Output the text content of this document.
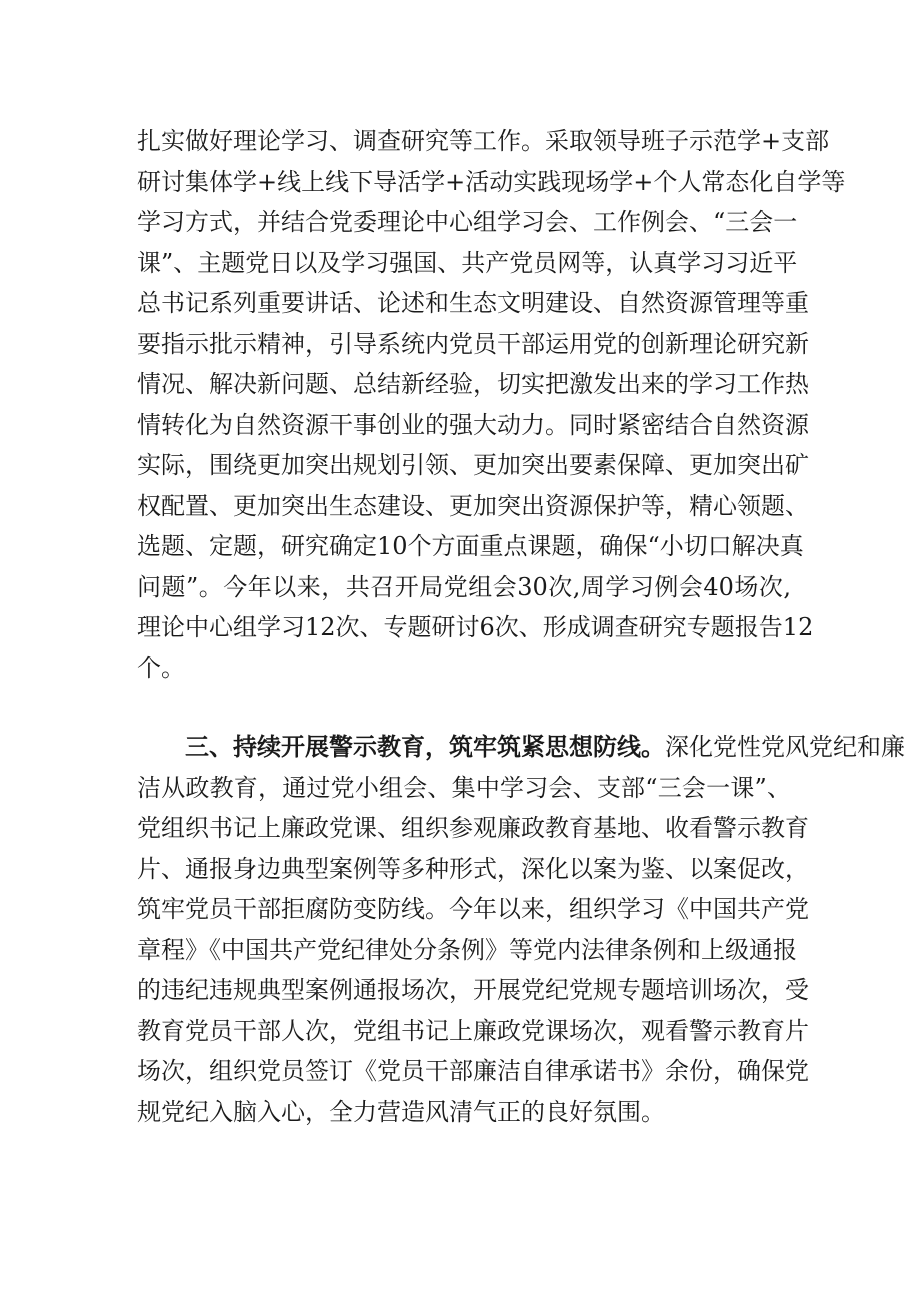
扎实做好理论学习、调查研究等工作。采取领导班子示范学+支部
研讨集体学+线上线下导活学+活动实践现场学+个人常态化自学等
学习方式，并结合党委理论中心组学习会、工作例会、“三会一
课”、主题党日以及学习强国、共产党员网等，认真学习习近平
总书记系列重要讲话、论述和生态文明建设、自然资源管理等重
要指示批示精神，引导系统内党员干部运用党的创新理论研究新
情况、解决新问题、总结新经验，切实把激发出来的学习工作热
情转化为自然资源干事创业的强大动力。同时紧密结合自然资源
实际，围绕更加突出规划引领、更加突出要素保障、更加突出矿
权配置、更加突出生态建设、更加突出资源保护等，精心领题、
选题、定题，研究确定10个方面重点课题，确保“小切口解决真
问题”。今年以来，共召开局党组会30次,周学习例会40场次,
理论中心组学习12次、专题研讨6次、形成调查研究专题报告12
个。
三、持续开展警示教育，筑牢筑紧思想防线。深化党性党风党纪和廉
洁从政教育，通过党小组会、集中学习会、支部“三会一课”、
党组织书记上廉政党课、组织参观廉政教育基地、收看警示教育
片、通报身边典型案例等多种形式，深化以案为鉴、以案促改，
筑牢党员干部拒腐防变防线。今年以来，组织学习《中国共产党
章程》《中国共产党纪律处分条例》等党内法律条例和上级通报
的违纪违规典型案例通报场次，开展党纪党规专题培训场次，受
教育党员干部人次，党组书记上廉政党课场次，观看警示教育片
场次，组织党员签订《党员干部廉洁自律承诺书》余份，确保党
规党纪入脑入心，全力营造风清气正的良好氛围。
